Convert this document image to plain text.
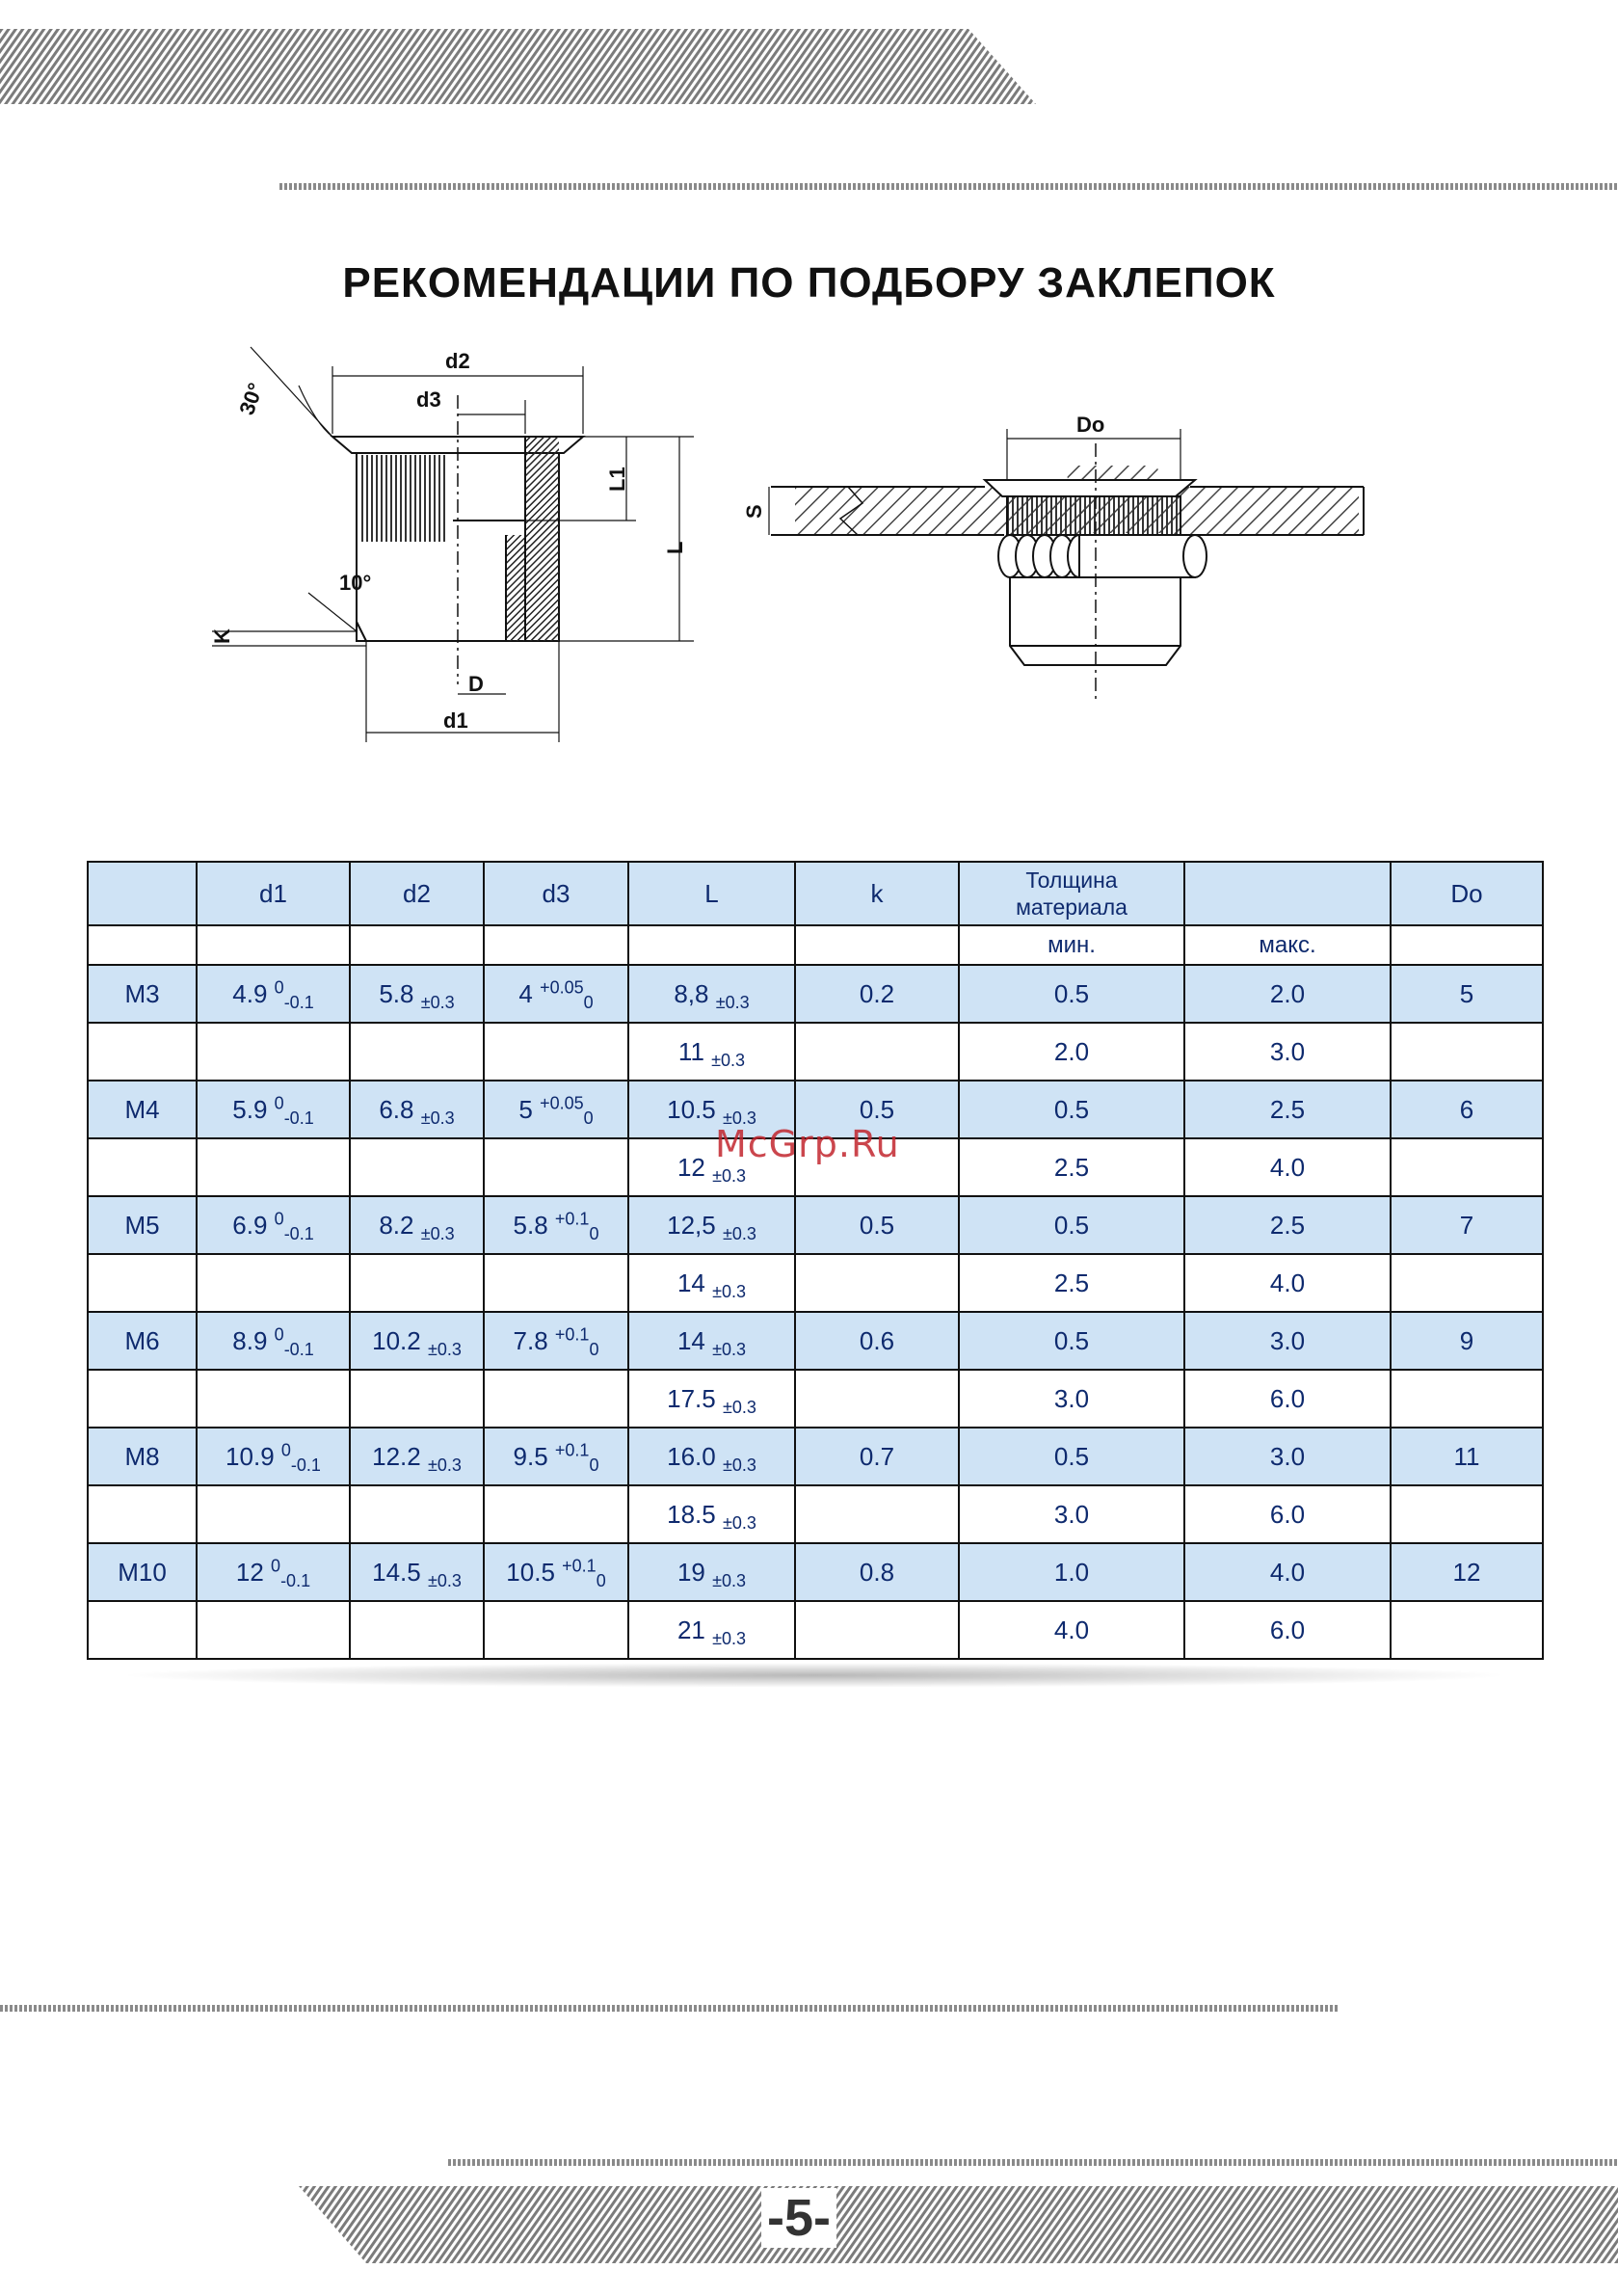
РЕКОМЕНДАЦИИ ПО ПОДБОРУ ЗАКЛЕПОК
d2
d3
30°
L1
L
10°
K
D
d1
Do
S
	d1	d2	d3	L	k	Толщина
материала		Do
						мин.	макс.	
M3	4.9 $^0_{-0.1}$	5.8 $_{\pm 0.3}$	4 $^{+0.05}_0$	8,8 $_{\pm 0.3}$	0.2	0.5	2.0	5
				11 $_{\pm 0.3}$		2.0	3.0	
M4	5.9 $^0_{-0.1}$	6.8 $_{\pm 0.3}$	5 $^{+0.05}_0$	10.5 $_{\pm 0.3}$	0.5	0.5	2.5	6
				12 $_{\pm 0.3}$		2.5	4.0	
M5	6.9 $^0_{-0.1}$	8.2 $_{\pm 0.3}$	5.8 $^{+0.1}_0$	12,5 $_{\pm 0.3}$	0.5	0.5	2.5	7
				14 $_{\pm 0.3}$		2.5	4.0	
M6	8.9 $^0_{-0.1}$	10.2 $_{\pm 0.3}$	7.8 $^{+0.1}_0$	14 $_{\pm 0.3}$	0.6	0.5	3.0	9
				17.5 $_{\pm 0.3}$		3.0	6.0	
M8	10.9 $^0_{-0.1}$	12.2 $_{\pm 0.3}$	9.5 $^{+0.1}_0$	16.0 $_{\pm 0.3}$	0.7	0.5	3.0	11
				18.5 $_{\pm 0.3}$		3.0	6.0	
M10	12 $^0_{-0.1}$	14.5 $_{\pm 0.3}$	10.5 $^{+0.1}_0$	19 $_{\pm 0.3}$	0.8	1.0	4.0	12
				21 $_{\pm 0.3}$		4.0	6.0	
McGrp.Ru
-5-
